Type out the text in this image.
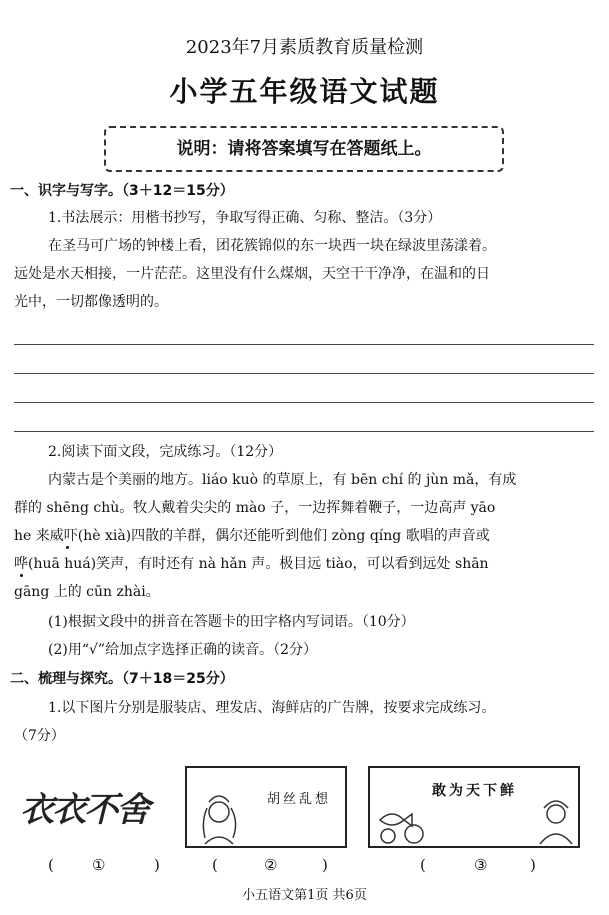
2023年7月素质教育质量检测
小学五年级语文试题
说明：请将答案填写在答题纸上。
一、识字与写字。（3＋12＝15分）
1.书法展示：用楷书抄写，争取写得正确、匀称、整洁。（3分）
在圣马可广场的钟楼上看，团花簇锦似的东一块西一块在绿波里荡漾着。
远处是水天相接，一片茫茫。这里没有什么煤烟，天空干干净净，在温和的日
光中，一切都像透明的。
2.阅读下面文段，完成练习。（12分）
内蒙古是个美丽的地方。liáo kuò 的草原上，有 bēn chí 的 jùn mǎ，有成
群的 shēng chù。牧人戴着尖尖的 mào 子，一边挥舞着鞭子，一边高声 yāo
he 来威吓(hè xià)四散的羊群，偶尔还能听到他们 zòng qíng 歌唱的声音或
哗(huā huá)笑声，有时还有 nà hǎn 声。极目远 tiào，可以看到远处 shān
gāng 上的 cūn zhài。
(1)根据文段中的拼音在答题卡的田字格内写词语。（10分）
(2)用“√”给加点字选择正确的读音。（2分）
二、梳理与探究。（7＋18＝25分）
1.以下图片分别是服装店、理发店、海鲜店的广告牌，按要求完成练习。
（7分）
衣衣不舍	胡丝乱想
敢为天下鲜
(	①	)	(	②	)	(	③	)
小五语文第1页 共6页
